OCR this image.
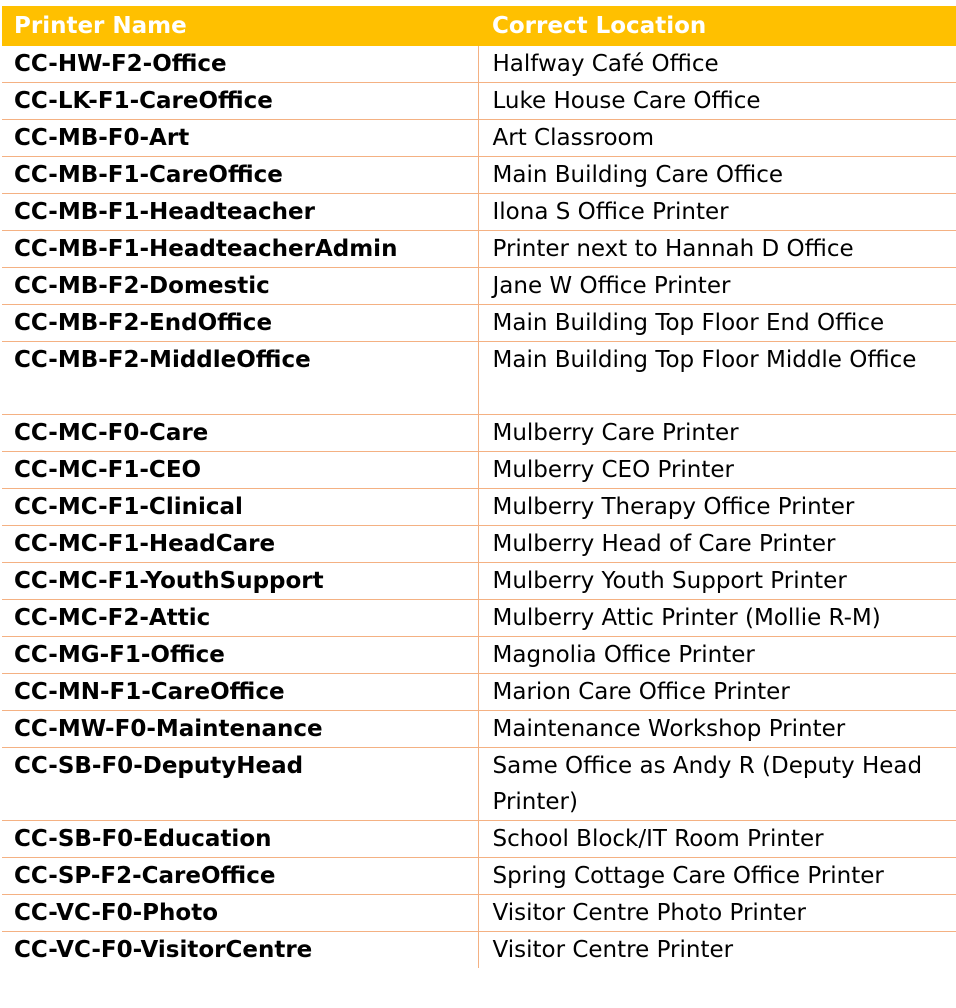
Printer Name	Correct Location
CC-HW-F2-Office	Halfway Café Office
CC-LK-F1-CareOffice	Luke House Care Office
CC-MB-F0-Art	Art Classroom
CC-MB-F1-CareOffice	Main Building Care Office
CC-MB-F1-Headteacher	Ilona S Office Printer
CC-MB-F1-HeadteacherAdmin	Printer next to Hannah D Office
CC-MB-F2-Domestic	Jane W Office Printer
CC-MB-F2-EndOffice	Main Building Top Floor End Office
CC-MB-F2-MiddleOffice	Main Building Top Floor Middle Office
CC-MC-F0-Care	Mulberry Care Printer
CC-MC-F1-CEO	Mulberry CEO Printer
CC-MC-F1-Clinical	Mulberry Therapy Office Printer
CC-MC-F1-HeadCare	Mulberry Head of Care Printer
CC-MC-F1-YouthSupport	Mulberry Youth Support Printer
CC-MC-F2-Attic	Mulberry Attic Printer (Mollie R-M)
CC-MG-F1-Office	Magnolia Office Printer
CC-MN-F1-CareOffice	Marion Care Office Printer
CC-MW-F0-Maintenance	Maintenance Workshop Printer
CC-SB-F0-DeputyHead	Same Office as Andy R (Deputy Head Printer)
CC-SB-F0-Education	School Block/IT Room Printer
CC-SP-F2-CareOffice	Spring Cottage Care Office Printer
CC-VC-F0-Photo	Visitor Centre Photo Printer
CC-VC-F0-VisitorCentre	Visitor Centre Printer
